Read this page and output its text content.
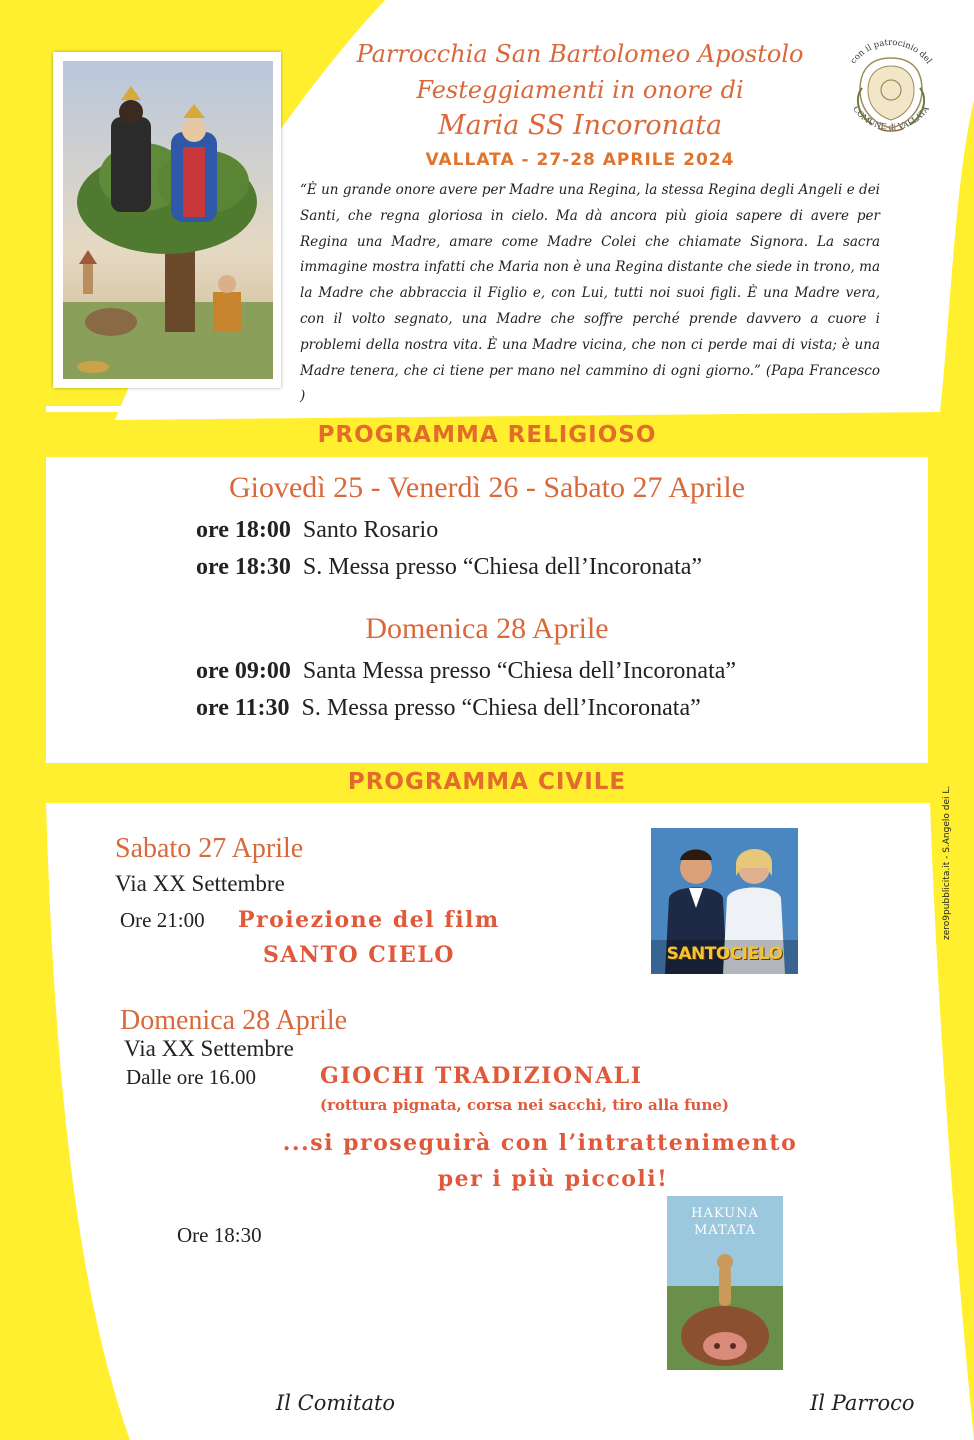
Parrocchia San Bartolomeo Apostolo
Festeggiamenti in onore di
Maria SS Incoronata
VALLATA - 27-28 APRILE 2024
con il patrocinio del
COMUNE di VALLATA
“È un grande onore avere per Madre una Regina, la stessa Regina degli Angeli e dei Santi, che regna gloriosa in cielo. Ma dà ancora più gioia sapere di avere per Regina una Madre, amare come Madre Colei che chiamate Signora. La sacra immagine mostra infatti che Maria non è una Regina distante che siede in trono, ma la Madre che abbraccia il Figlio e, con Lui, tutti noi suoi figli. È una Madre vera, con il volto segnato, una Madre che soffre perché prende davvero a cuore i problemi della nostra vita. È una Madre vicina, che non ci perde mai di vista; è una Madre tenera, che ci tiene per mano nel cammino di ogni giorno.” (Papa Francesco )
PROGRAMMA RELIGIOSO
Giovedì 25 - Venerdì 26 - Sabato 27 Aprile
ore 18:00 Santo Rosario
ore 18:30 S. Messa presso “Chiesa dell’Incoronata”
Domenica 28 Aprile
ore 09:00 Santa Messa presso “Chiesa dell’Incoronata”
ore 11:30 S. Messa presso “Chiesa dell’Incoronata”
PROGRAMMA CIVILE
Sabato 27 Aprile
Via XX Settembre
Ore 21:00 Proiezione del film
SANTO CIELO	SANTOCIELO
Domenica 28 Aprile
Via XX Settembre
Dalle ore 16.00	GIOCHI TRADIZIONALI
(rottura pignata, corsa nei sacchi, tiro alla fune)
...si proseguirà con l’intrattenimento
per i più piccoli!
Ore 18:30
HAKUNA
MATATA
Il Comitato	Il Parroco
zero9pubblicita.it - S.Angelo dei L.
